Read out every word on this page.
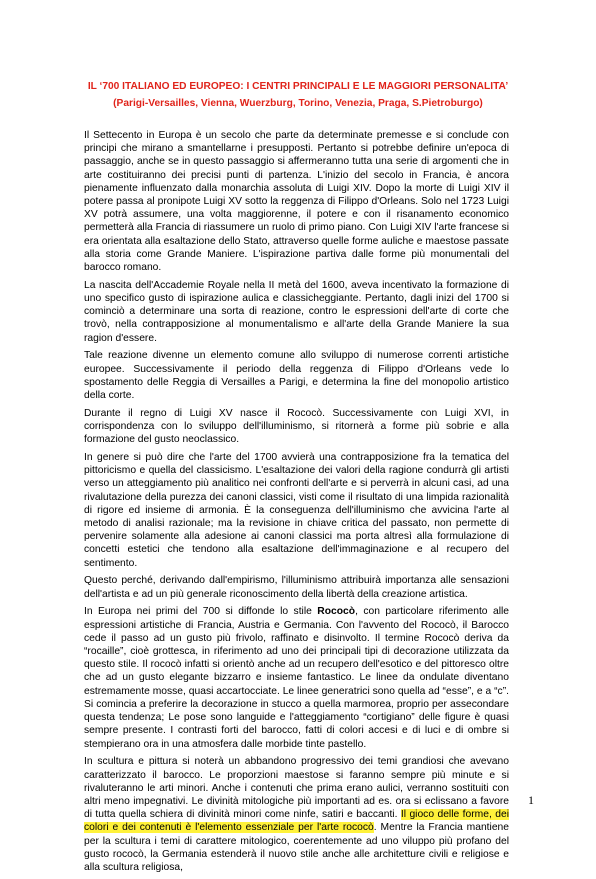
IL ‘700 ITALIANO ED EUROPEO: I CENTRI PRINCIPALI E LE MAGGIORI PERSONALITA’
(Parigi-Versailles, Vienna, Wuerzburg, Torino, Venezia, Praga, S.Pietroburgo)

Il Settecento in Europa è un secolo che parte da determinate premesse e si conclude con principi che mirano a smantellarne i presupposti. Pertanto si potrebbe definire un'epoca di passaggio, anche se in questo passaggio si affermeranno tutta una serie di argomenti che in arte costituiranno dei precisi punti di partenza. L'inizio del secolo in Francia, è ancora pienamente influenzato dalla monarchia assoluta di Luigi XIV. Dopo la morte di Luigi XIV il potere passa al pronipote Luigi XV sotto la reggenza di Filippo d'Orleans. Solo nel 1723 Luigi XV potrà assumere, una volta maggiorenne, il potere e con il risanamento economico permetterà alla Francia di riassumere un ruolo di primo piano. Con Luigi XIV l'arte francese si era orientata alla esaltazione dello Stato, attraverso quelle forme auliche e maestose passate alla storia come Grande Maniere. L'ispirazione partiva dalle forme più monumentali del barocco romano.

La nascita dell'Accademie Royale nella II metà del 1600, aveva incentivato la formazione di uno specifico gusto di ispirazione aulica e classicheggiante. Pertanto, dagli inizi del 1700 si cominciò a determinare una sorta di reazione, contro le espressioni dell'arte di corte che trovò, nella contrapposizione al monumentalismo e all'arte della Grande Maniere la sua ragion d'essere.

Tale reazione divenne un elemento comune allo sviluppo di numerose correnti artistiche europee. Successivamente il periodo della reggenza di Filippo d'Orleans vede lo spostamento delle Reggia di Versailles a Parigi, e determina la fine del monopolio artistico della corte.

Durante il regno di Luigi XV nasce il Rococò. Successivamente con Luigi XVI, in corrispondenza con lo sviluppo dell'illuminismo, si ritornerà a forme più sobrie e alla formazione del gusto neoclassico.

In genere si può dire che l'arte del 1700 avvierà una contrapposizione fra la tematica del pittoricismo e quella del classicismo. L'esaltazione dei valori della ragione condurrà gli artisti verso un atteggiamento più analitico nei confronti dell'arte e si perverrà in alcuni casi, ad una rivalutazione della purezza dei canoni classici, visti come il risultato di una limpida razionalità di rigore ed insieme di armonia. È la conseguenza dell'illuminismo che avvicina l'arte al metodo di analisi razionale; ma la revisione in chiave critica del passato, non permette di pervenire solamente alla adesione ai canoni classici ma porta altresì alla formulazione di concetti estetici che tendono alla esaltazione dell'immaginazione e al recupero del sentimento.

Questo perché, derivando dall'empirismo, l'illuminismo attribuirà importanza alle sensazioni dell'artista e ad un più generale riconoscimento della libertà della creazione artistica.

In Europa nei primi del 700 si diffonde lo stile Rococò, con particolare riferimento alle espressioni artistiche di Francia, Austria e Germania. Con l'avvento del Rococò, il Barocco cede il passo ad un gusto più frivolo, raffinato e disinvolto. Il termine Rococò deriva da “rocaille”, cioè grottesca, in riferimento ad uno dei principali tipi di decorazione utilizzata da questo stile. Il rococò infatti si orientò anche ad un recupero dell'esotico e del pittoresco oltre che ad un gusto elegante bizzarro e insieme fantastico. Le linee da ondulate diventano estremamente mosse, quasi accartocciate. Le linee generatrici sono quella ad “esse”, e a “c”. Si comincia a preferire la decorazione in stucco a quella marmorea, proprio per assecondare questa tendenza; Le pose sono languide e l'atteggiamento “cortigiano” delle figure è quasi sempre presente. I contrasti forti del barocco, fatti di colori accesi e di luci e di ombre si stempierano ora in una atmosfera dalle morbide tinte pastello.

In scultura e pittura si noterà un abbandono progressivo dei temi grandiosi che avevano caratterizzato il barocco. Le proporzioni maestose si faranno sempre più minute e si rivaluteranno le arti minori. Anche i contenuti che prima erano aulici, verranno sostituiti con altri meno impegnativi. Le divinità mitologiche più importanti ad es. ora si eclissano a favore di tutta quella schiera di divinità minori come ninfe, satiri e baccanti. Il gioco delle forme, dei colori e dei contenuti è l'elemento essenziale per l'arte rococò. Mentre la Francia mantiene per la scultura i temi di carattere mitologico, coerentemente ad uno viluppo più profano del gusto rococò, la Germania estenderà il nuovo stile anche alle architetture civili e religiose e alla scultura religiosa,

1
